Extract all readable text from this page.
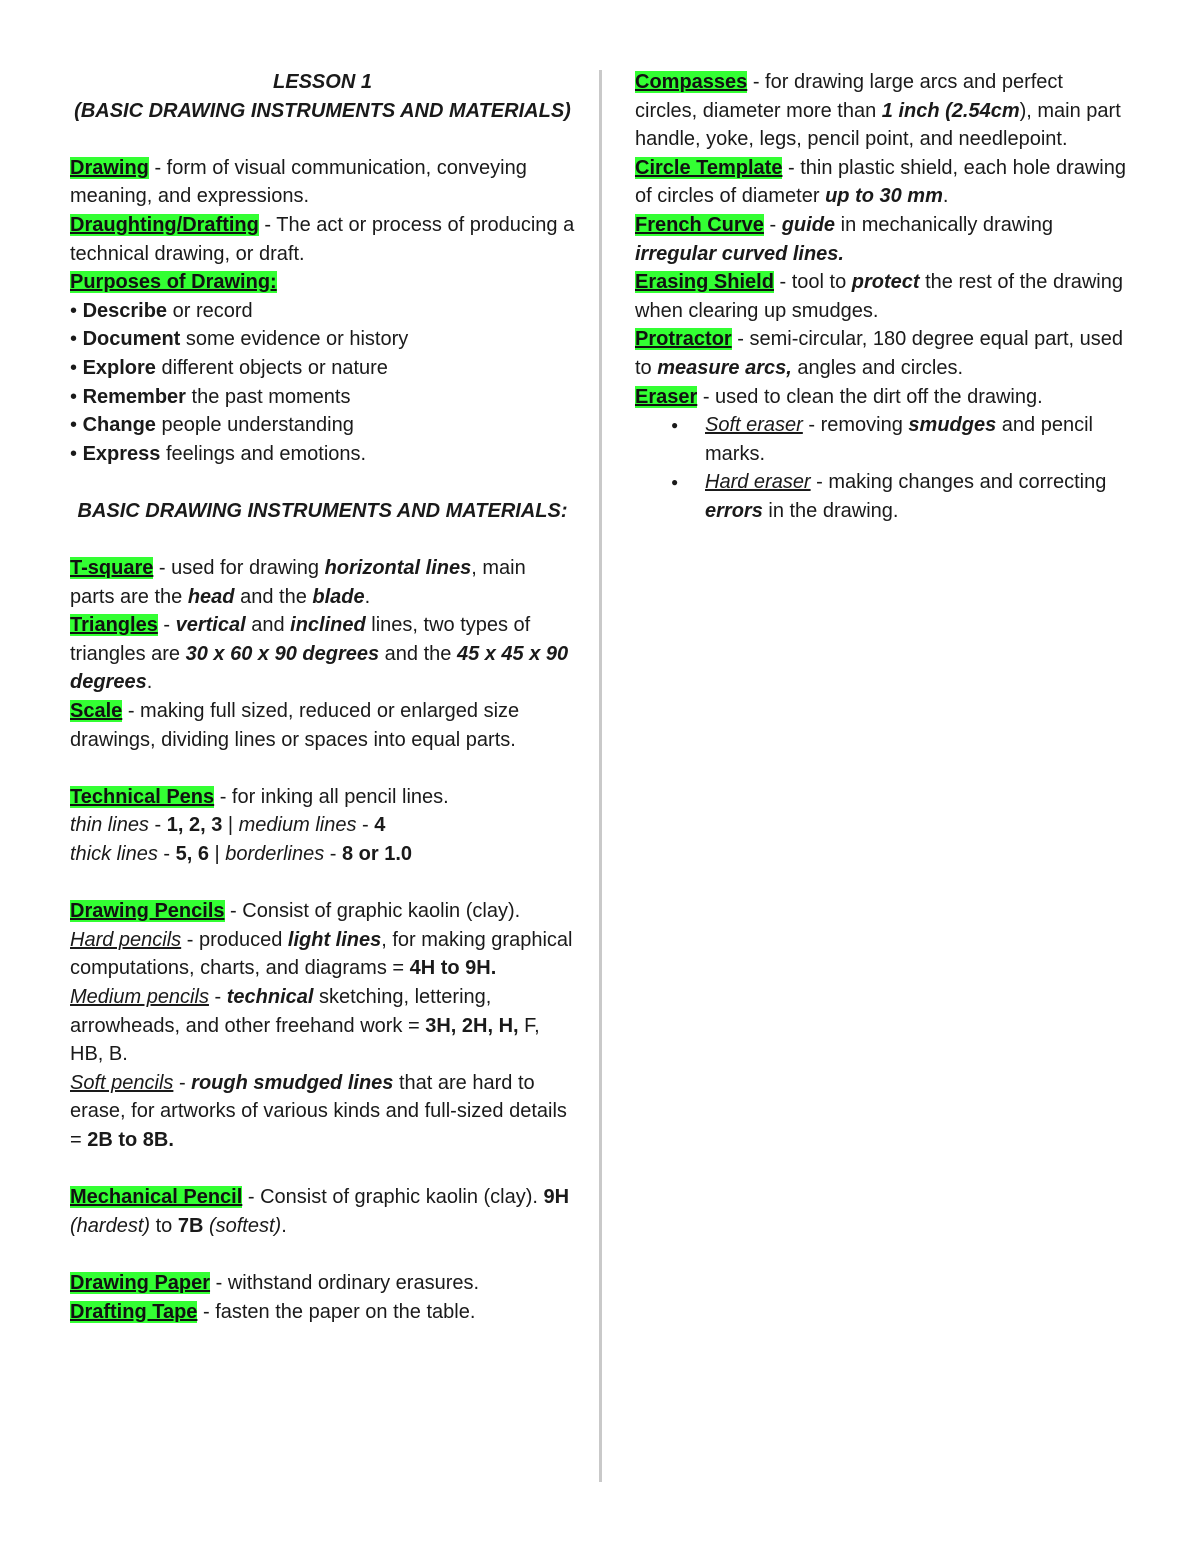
LESSON 1

(BASIC DRAWING INSTRUMENTS AND MATERIALS)

Drawing - form of visual communication, conveying meaning, and expressions.

Draughting/Drafting - The act or process of producing a technical drawing, or draft.

Purposes of Drawing:

• Describe or record

• Document some evidence or history

• Explore different objects or nature

• Remember the past moments

• Change people understanding

• Express feelings and emotions.

BASIC DRAWING INSTRUMENTS AND MATERIALS:

T-square - used for drawing horizontal lines, main parts are the head and the blade.

Triangles - vertical and inclined lines, two types of triangles are 30 x 60 x 90 degrees and the 45 x 45 x 90 degrees.

Scale - making full sized, reduced or enlarged size drawings, dividing lines or spaces into equal parts.

Technical Pens - for inking all pencil lines.

thin lines - 1, 2, 3 | medium lines - 4

thick lines - 5, 6 | borderlines - 8 or 1.0

Drawing Pencils - Consist of graphic kaolin (clay).

Hard pencils - produced light lines, for making graphical computations, charts, and diagrams = 4H to 9H.

Medium pencils - technical sketching, lettering, arrowheads, and other freehand work = 3H, 2H, H, F, HB, B.

Soft pencils - rough smudged lines that are hard to erase, for artworks of various kinds and full-sized details = 2B to 8B.

Mechanical Pencil - Consist of graphic kaolin (clay). 9H (hardest) to 7B (softest).

Drawing Paper - withstand ordinary erasures.

Drafting Tape - fasten the paper on the table.

Compasses - for drawing large arcs and perfect circles, diameter more than 1 inch (2.54cm), main part handle, yoke, legs, pencil point, and needlepoint.

Circle Template - thin plastic shield, each hole drawing of circles of diameter up to 30 mm.

French Curve - guide in mechanically drawing irregular curved lines.

Erasing Shield - tool to protect the rest of the drawing when clearing up smudges.

Protractor - semi-circular, 180 degree equal part, used to measure arcs, angles and circles.

Eraser - used to clean the dirt off the drawing.

● Soft eraser - removing smudges and pencil marks.
● Hard eraser - making changes and correcting errors in the drawing.
